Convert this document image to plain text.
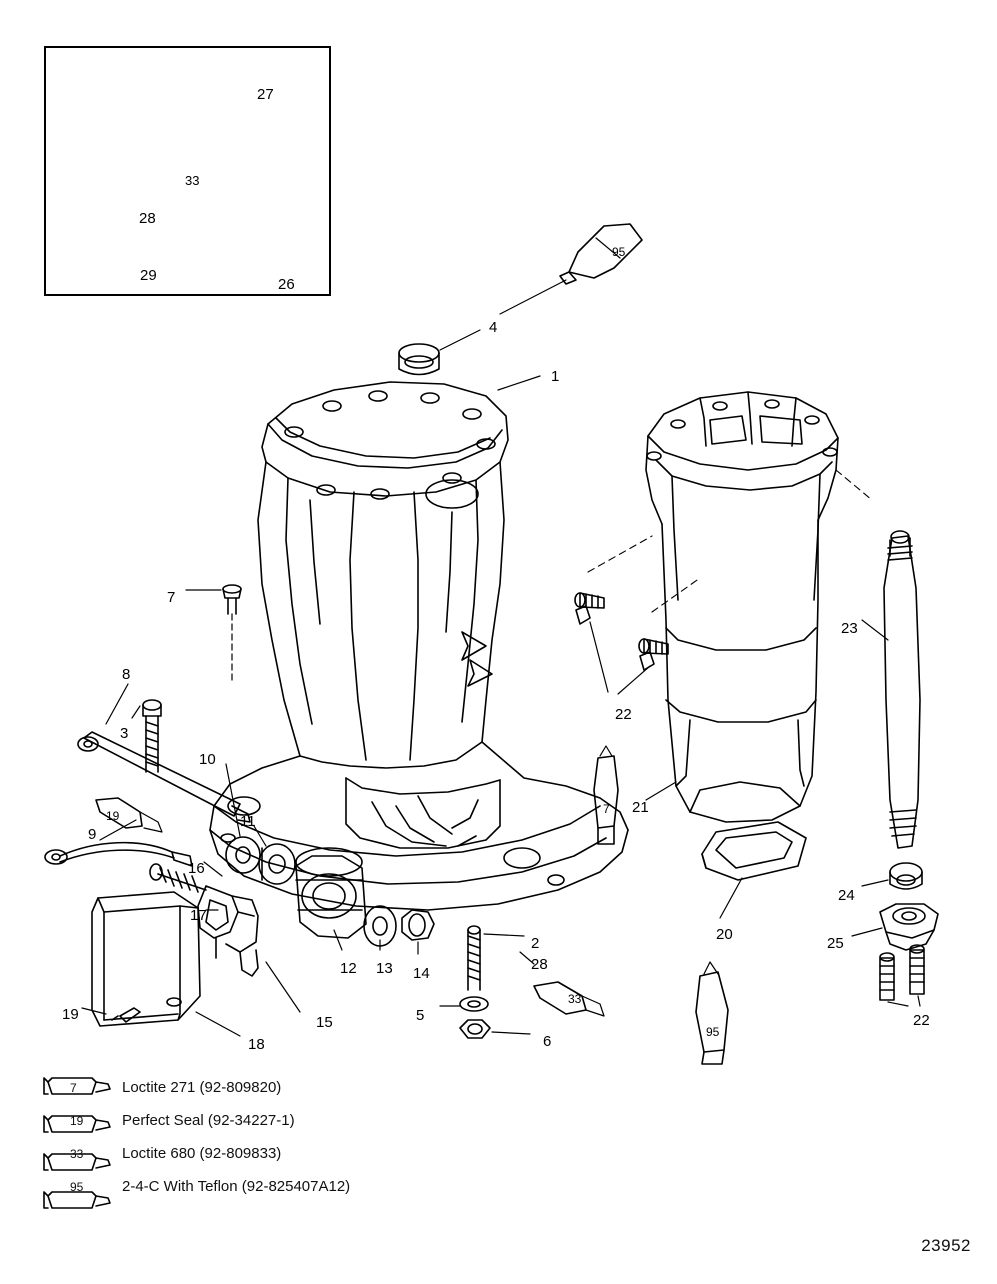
1
2
3
4
5
6
7
8
9
10
11
12 13 14
15
16
17
18
19
20
21
22
22
23
24
25
26
27
28
28
29
33
95
7
19
33
95
7	Loctite 271 (92-809820)
19	Perfect Seal (92-34227-1)
33	Loctite 680 (92-809833)
95	2-4-C With Teflon (92-825407A12)
23952
